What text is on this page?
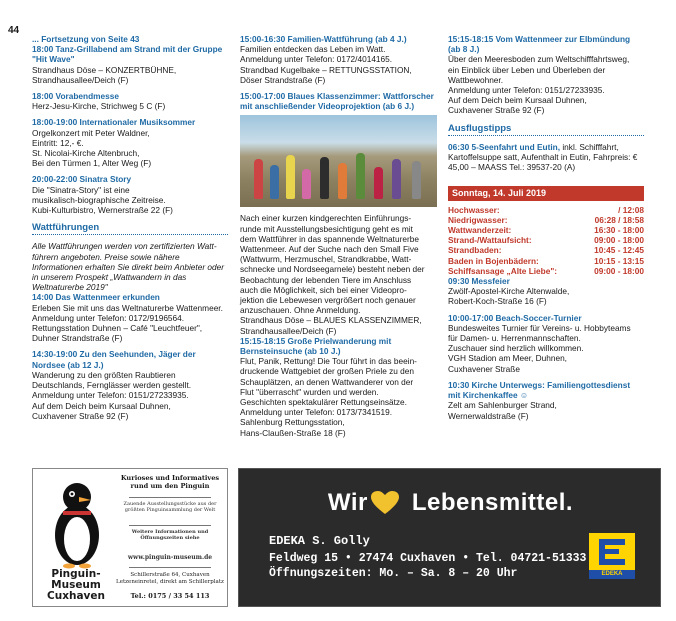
44
... Fortsetzung von Seite 43
18:00 Tanz-Grillabend am Strand mit der Gruppe "Hit Wave"
Strandhaus Döse – KONZERTBÜHNE,
Strandhausallee/Deich (F)
18:00 Vorabendmesse
Herz-Jesu-Kirche, Strichweg 5 C (F)
18:00-19:00 Internationaler Musiksommer
Orgelkonzert mit Peter Waldner,
Eintritt: 12,- €.
St. Nicolai-Kirche Altenbruch,
Bei den Türmen 1, Alter Weg (F)
20:00-22:00 Sinatra Story
Die "Sinatra-Story" ist eine
musikalisch-biographische Zeitreise.
Kubi-Kulturbistro, Wernerstraße 22 (F)
Wattführungen
Alle Wattführungen werden von zertifizierten Watt-führern angeboten. Preise sowie nähere Informationen erhalten Sie direkt beim Anbieter oder in unserem Prospekt „Wattwandern in das Weltnaturerbe 2019"
14:00 Das Wattenmeer erkunden
Erleben Sie mit uns das Weltnaturerbe Wattenmeer.
Anmeldung unter Telefon: 0172/9196564.
Rettungsstation Duhnen – Café "Leuchtfeuer",
Duhner Strandstraße (F)
14:30-19:00 Zu den Seehunden, Jäger der Nordsee (ab 12 J.)
Wanderung zu den größten Raubtieren
Deutschlands, Fernglässer werden gestellt.
Anmeldung unter Telefon: 0151/27233935.
Auf dem Deich beim Kursaal Duhnen,
Cuxhavener Straße 92 (F)
15:00-16:30 Familien-Wattführung (ab 4 J.)
Familien entdecken das Leben im Watt.
Anmeldung unter Telefon: 0172/4014165.
Strandbad Kugelbake – RETTUNGSSTATION,
Döser Strandstraße (F)
15:00-17:00 Blaues Klassenzimmer: Wattforscher mit anschließender Videoprojektion (ab 6 J.)
Nach einer kurzen kindgerechten Einführungs-
runde mit Ausstellungsbesichtigung geht es mit
dem Wattführer in das spannende Weltnaturerbe
Wattenmeer. Auf der Suche nach den Small Five
(Wattwurm, Herzmuschel, Strandkrabbe, Watt-
schnecke und Nordseegarnele) besteht neben der
Beobachtung der lebenden Tiere im Anschluss
auch die Möglichkeit, sich bei einer Videopro-
jektion die Lebewesen vergrößert noch genauer
anzuschauen. Ohne Anmeldung.
Strandhaus Döse – BLAUES KLASSENZIMMER,
Strandhausallee/Deich (F)
15:15-18:15 Große Prielwanderung mit Bernsteinsuche (ab 10 J.)
Flut, Panik, Rettung! Die Tour führt in das beein-
druckende Wattgebiet der großen Priele zu den
Schauplätzen, an denen Wattwanderer von der
Flut "überrascht" wurden und werden.
Geschichten spektakulärer Rettungseinsätze.
Anmeldung unter Telefon: 0173/7341519.
Sahlenburg Rettungsstation,
Hans-Claußen-Straße 18 (F)
15:15-18:15 Vom Wattenmeer zur Elbmündung (ab 8 J.)
Über den Meeresboden zum Weltschifffahrtsweg,
ein Einblick über Leben und Überleben der
Wattbewohner.
Anmeldung unter Telefon: 0151/27233935.
Auf dem Deich beim Kursaal Duhnen,
Cuxhavener Straße 92 (F)
Ausflugstipps
06:30 5-Seenfahrt und Eutin, inkl. Schifffahrt, Kartoffelsuppe satt, Aufenthalt in Eutin, Fahrpreis: € 45,00 – MAASS Tel.: 39537-20 (A)
Sonntag, 14. Juli 2019
Hochwasser:	/ 12:08
Niedrigwasser:	06:28 / 18:58
Wattwanderzeit:	16:30 - 18:00
Strand-/Wattaufsicht:	09:00 - 18:00
Strandbaden:	10:45 - 12:45
Baden in Bojenbädern:	10:15 - 13:15
Schiffsansage „Alte Liebe":	09:00 - 18:00
09:30 Messfeier
Zwölf-Apostel-Kirche Altenwalde,
Robert-Koch-Straße 16 (F)
10:00-17:00 Beach-Soccer-Turnier
Bundesweites Turnier für Vereins- u. Hobbyteams
für Damen- u. Herrenmannschaften.
Zuschauer sind herzlich willkommen.
VGH Stadion am Meer, Duhnen,
Cuxhavener Straße
10:30 Kirche Unterwegs: Familiengottesdienst mit Kirchenkaffee ☺
Zelt am Sahlenburger Strand,
Wernerwaldstraße (F)
Pinguin-
Museum
Cuxhaven
Kurioses und Informatives rund um den Pinguin
Zauende Ausstellungsstücke aus der größten Pinguinsammlung der Welt
Weitere Informationen und Öffnungszeiten siehe
www.pinguin-museum.de
Schillerstraße 64, Cuxhaven Letzeneinretel, direkt am Schillerplatz
Tel.: 0175 / 33 54 113
Wir Lebensmittel.
EDEKA S. Golly
Feldweg 15 • 27474 Cuxhaven • Tel. 04721-51333
Öffnungszeiten: Mo. – Sa. 8 – 20 Uhr	EDEKA
